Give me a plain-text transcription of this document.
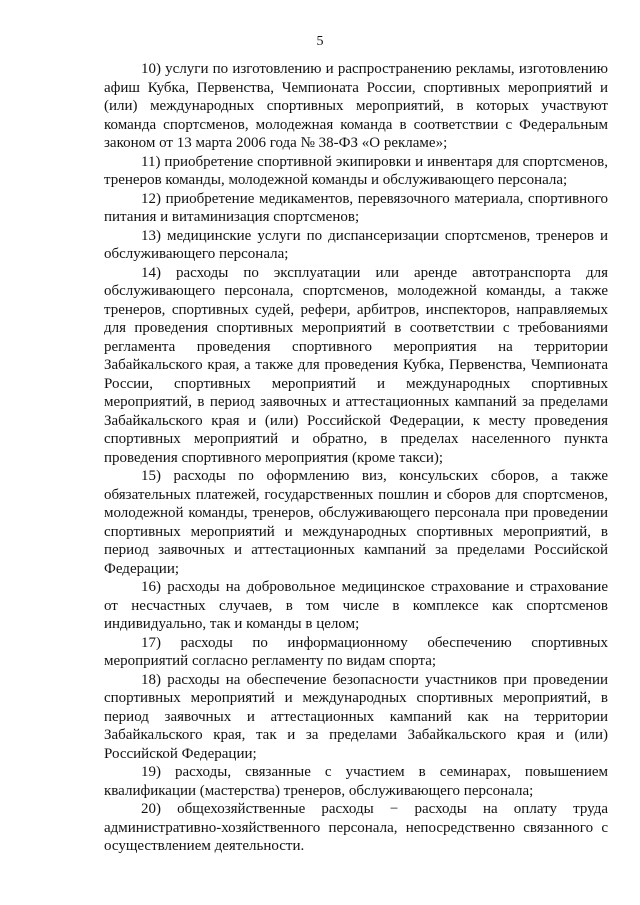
5

10) услуги по изготовлению и распространению рекламы, изготовлению афиш Кубка, Первенства, Чемпионата России, спортивных мероприятий и (или) международных спортивных мероприятий, в которых участвуют команда спортсменов, молодежная команда в соответствии с Федеральным законом от 13 марта 2006 года № 38-ФЗ «О рекламе»;

11) приобретение спортивной экипировки и инвентаря для спортсменов, тренеров команды, молодежной команды и обслуживающего персонала;

12) приобретение медикаментов, перевязочного материала, спортивного питания и витаминизация спортсменов;

13) медицинские услуги по диспансеризации спортсменов, тренеров и обслуживающего персонала;

14) расходы по эксплуатации или аренде автотранспорта для обслуживающего персонала, спортсменов, молодежной команды, а также тренеров, спортивных судей, рефери, арбитров, инспекторов, направляемых для проведения спортивных мероприятий в соответствии с требованиями регламента проведения спортивного мероприятия на территории Забайкальского края, а также для проведения Кубка, Первенства, Чемпионата России, спортивных мероприятий и международных спортивных мероприятий, в период заявочных и аттестационных кампаний за пределами Забайкальского края и (или) Российской Федерации, к месту проведения спортивных мероприятий и обратно, в пределах населенного пункта проведения спортивного мероприятия (кроме такси);

15) расходы по оформлению виз, консульских сборов, а также обязательных платежей, государственных пошлин и сборов для спортсменов, молодежной команды, тренеров, обслуживающего персонала при проведении спортивных мероприятий и международных спортивных мероприятий, в период заявочных и аттестационных кампаний за пределами Российской Федерации;

16) расходы на добровольное медицинское страхование и страхование от несчастных случаев, в том числе в комплексе как спортсменов индивидуально, так и команды в целом;

17) расходы по информационному обеспечению спортивных мероприятий согласно регламенту по видам спорта;

18) расходы на обеспечение безопасности участников при проведении спортивных мероприятий и международных спортивных мероприятий, в период заявочных и аттестационных кампаний как на территории Забайкальского края, так и за пределами Забайкальского края и (или) Российской Федерации;

19) расходы, связанные с участием в семинарах, повышением квалификации (мастерства) тренеров, обслуживающего персонала;

20) общехозяйственные расходы − расходы на оплату труда административно-хозяйственного персонала, непосредственно связанного с осуществлением деятельности.
